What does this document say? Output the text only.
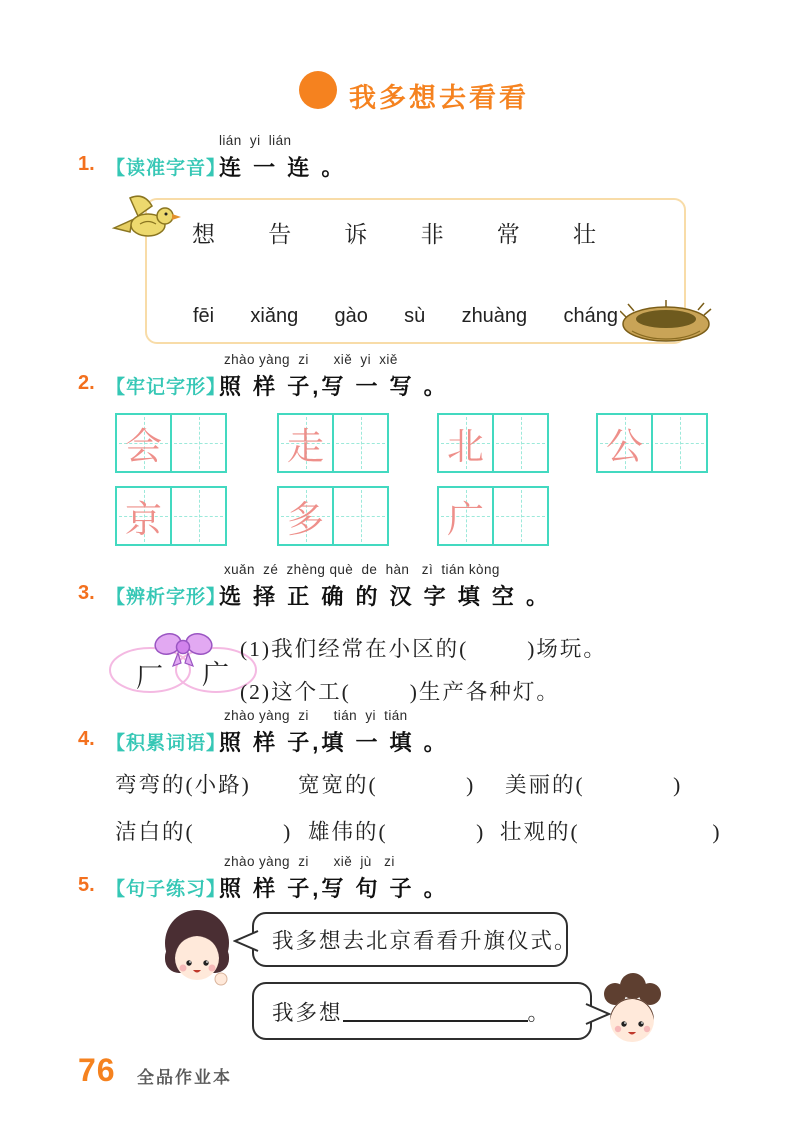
我多想去看看
lián  yi  lián
1. 【读准字音】
连 一 连 。
想 告 诉 非 常 壮
fēi xiǎng gào sù zhuàng cháng
zhào yàng  zi      xiě  yi  xiě
2. 【牢记字形】
照 样 子,写 一 写 。
会	走	北	公
京	多	广
xuǎn  zé  zhèng què  de  hàn   zì  tián kòng
3. 【辨析字形】
选 择 正 确 的 汉 字 填 空 。
厂 广
(1)我们经常在小区的(        )场玩。
(2)这个工(        )生产各种灯。
zhào yàng  zi      tián  yi  tián
4. 【积累词语】
照 样 子,填 一 填 。
弯弯的(小路) 宽宽的(            ) 美丽的(            )
洁白的(            ) 雄伟的(            ) 壮观的(                  )
zhào yàng  zi      xiě  jù   zi
5. 【句子练习】
照 样 子,写 句 子 。
我多想去北京看看升旗仪式。
我多想	。
76 全品作业本
